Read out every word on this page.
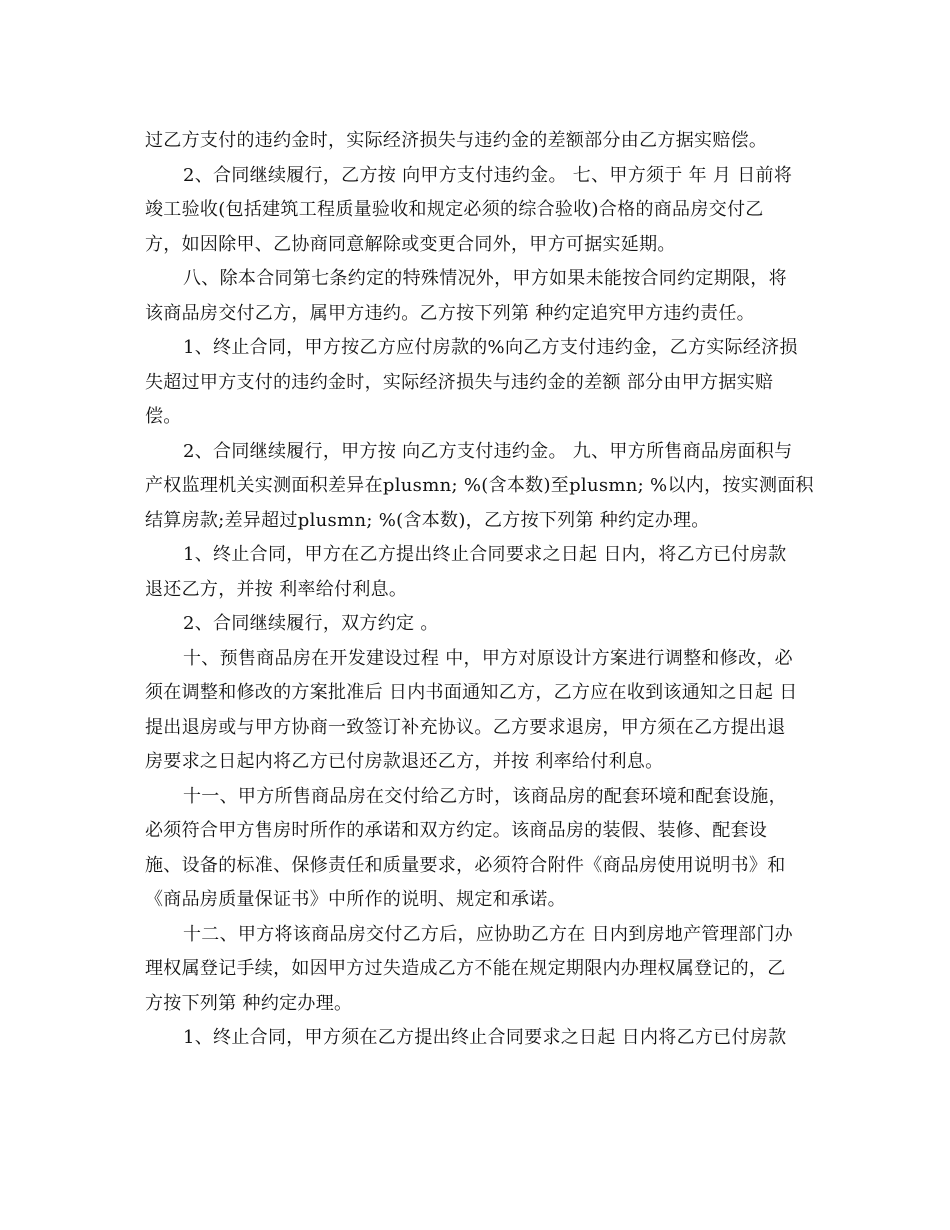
过乙方支付的违约金时，实际经济损失与违约金的差额部分由乙方据实赔偿。
2、合同继续履行，乙方按 向甲方支付违约金。 七、甲方须于 年 月 日前将
竣工验收(包括建筑工程质量验收和规定必须的综合验收)合格的商品房交付乙
方，如因除甲、乙协商同意解除或变更合同外，甲方可据实延期。
八、除本合同第七条约定的特殊情况外，甲方如果未能按合同约定期限，将
该商品房交付乙方，属甲方违约。乙方按下列第 种约定追究甲方违约责任。
1、终止合同，甲方按乙方应付房款的%向乙方支付违约金，乙方实际经济损
失超过甲方支付的违约金时，实际经济损失与违约金的差额 部分由甲方据实赔
偿。
2、合同继续履行，甲方按 向乙方支付违约金。 九、甲方所售商品房面积与
产权监理机关实测面积差异在plusmn; %(含本数)至plusmn; %以内，按实测面积
结算房款;差异超过plusmn; %(含本数)，乙方按下列第 种约定办理。
1、终止合同，甲方在乙方提出终止合同要求之日起 日内，将乙方已付房款
退还乙方，并按 利率给付利息。
2、合同继续履行，双方约定 。
十、预售商品房在开发建设过程 中，甲方对原设计方案进行调整和修改，必
须在调整和修改的方案批准后 日内书面通知乙方，乙方应在收到该通知之日起 日
提出退房或与甲方协商一致签订补充协议。乙方要求退房，甲方须在乙方提出退
房要求之日起内将乙方已付房款退还乙方，并按 利率给付利息。
十一、甲方所售商品房在交付给乙方时，该商品房的配套环境和配套设施，
必须符合甲方售房时所作的承诺和双方约定。该商品房的装假、装修、配套设
施、设备的标准、保修责任和质量要求，必须符合附件《商品房使用说明书》和
《商品房质量保证书》中所作的说明、规定和承诺。
十二、甲方将该商品房交付乙方后，应协助乙方在 日内到房地产管理部门办
理权属登记手续，如因甲方过失造成乙方不能在规定期限内办理权属登记的，乙
方按下列第 种约定办理。
1、终止合同，甲方须在乙方提出终止合同要求之日起 日内将乙方已付房款
